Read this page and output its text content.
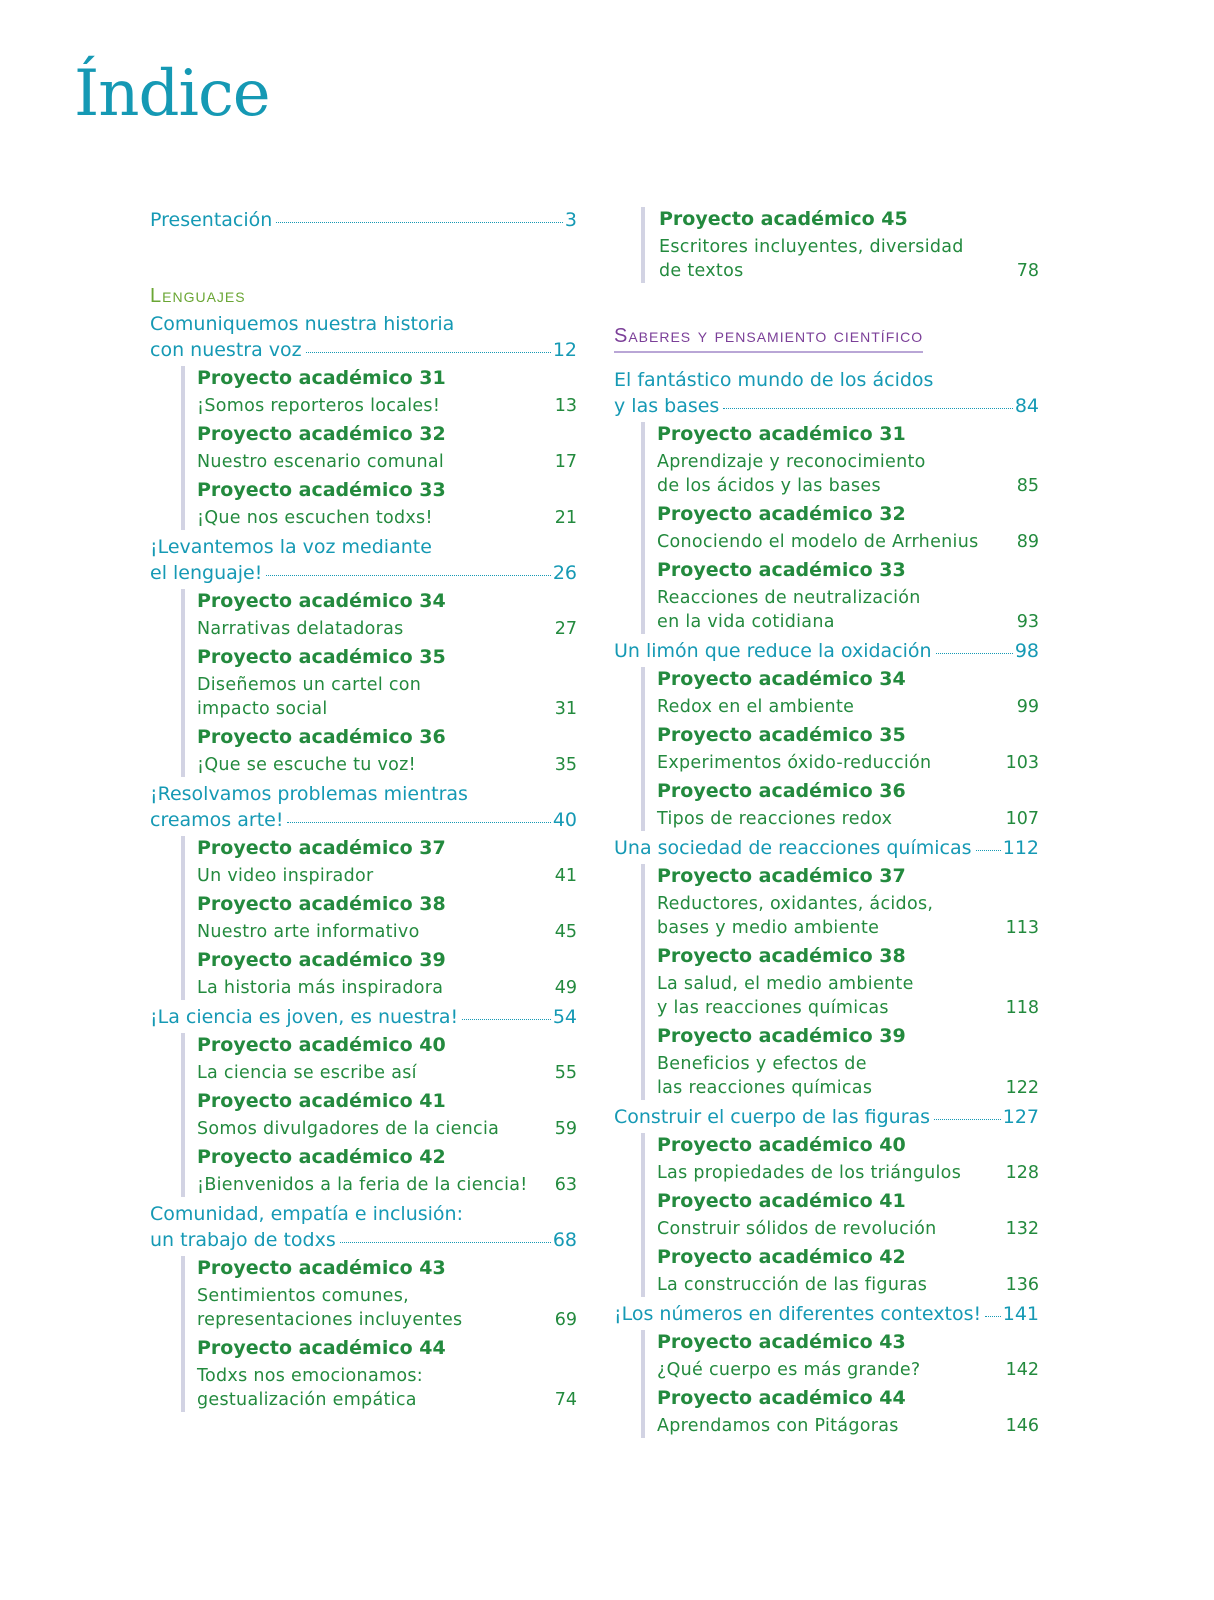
Índice
Presentación	3
Lenguajes
Comuniquemos nuestra historia
con nuestra voz	12
Proyecto académico 31
¡Somos reporteros locales!	13
Proyecto académico 32
Nuestro escenario comunal	17
Proyecto académico 33
¡Que nos escuchen todxs!	21
¡Levantemos la voz mediante
el lenguaje!	26
Proyecto académico 34
Narrativas delatadoras	27
Proyecto académico 35
Diseñemos un cartel con
impacto social	31
Proyecto académico 36
¡Que se escuche tu voz!	35
¡Resolvamos problemas mientras
creamos arte!	40
Proyecto académico 37
Un video inspirador	41
Proyecto académico 38
Nuestro arte informativo	45
Proyecto académico 39
La historia más inspiradora	49
¡La ciencia es joven, es nuestra!	54
Proyecto académico 40
La ciencia se escribe así	55
Proyecto académico 41
Somos divulgadores de la ciencia	59
Proyecto académico 42
¡Bienvenidos a la feria de la ciencia! 63
Comunidad, empatía e inclusión:
un trabajo de todxs	68
Proyecto académico 43
Sentimientos comunes,
representaciones incluyentes	69
Proyecto académico 44
Todxs nos emocionamos:
gestualización empática	74
Proyecto académico 45
Escritores incluyentes, diversidad
de textos	78
Saberes y pensamiento científico
El fantástico mundo de los ácidos
y las bases	84
Proyecto académico 31
Aprendizaje y reconocimiento
de los ácidos y las bases	85
Proyecto académico 32
Conociendo el modelo de Arrhenius 89
Proyecto académico 33
Reacciones de neutralización
en la vida cotidiana	93
Un limón que reduce la oxidación	98
Proyecto académico 34
Redox en el ambiente	99
Proyecto académico 35
Experimentos óxido-reducción	103
Proyecto académico 36
Tipos de reacciones redox	107
Una sociedad de reacciones químicas 112
Proyecto académico 37
Reductores, oxidantes, ácidos,
bases y medio ambiente	113
Proyecto académico 38
La salud, el medio ambiente
y las reacciones químicas	118
Proyecto académico 39
Beneficios y efectos de
las reacciones químicas	122
Construir el cuerpo de las figuras	127
Proyecto académico 40
Las propiedades de los triángulos	128
Proyecto académico 41
Construir sólidos de revolución	132
Proyecto académico 42
La construcción de las figuras	136
¡Los números en diferentes contextos! 141
Proyecto académico 43
¿Qué cuerpo es más grande?	142
Proyecto académico 44
Aprendamos con Pitágoras	146
